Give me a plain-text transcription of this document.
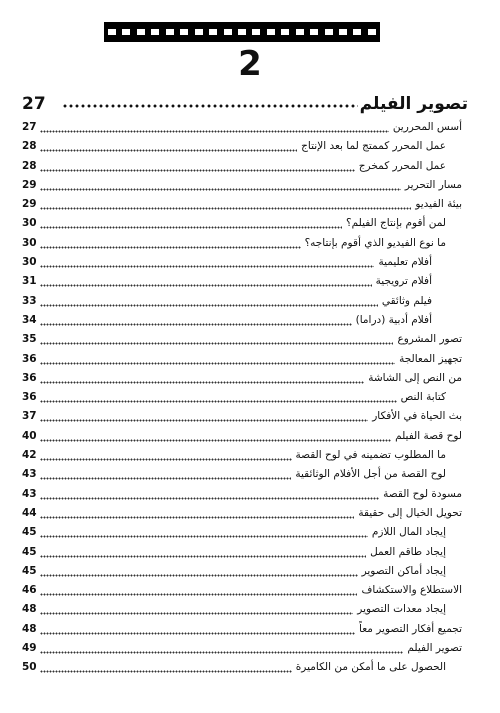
2
27	تصوير الفيلم
27	أسس المحررين
28	عمل المحرر كممتج لما بعد الإنتاج
28	عمل المحرر كمخرج
29	مسار التحرير
29	بيئة الفيديو
30	لمن أقوم بإنتاج الفيلم؟
30	ما نوع الفيديو الذي أقوم بإنتاجه؟
30	أفلام تعليمية
31	أفلام ترويجية
33	فيلم وثائقي
34	أفلام أدبية (دراما)
35	تصور المشروع
36	تجهيز المعالجة
36	من النص إلى الشاشة
36	كتابة النص
37	بث الحياة في الأفكار
40	لوح قصة الفيلم
42	ما المطلوب تضمينه في لوح القصة
43	لوح القصة من أجل الأفلام الوثائقية
43	مسودة لوح القصة
44	تحويل الخيال إلى حقيقة
45	إيجاد المال اللازم
45	إيجاد طاقم العمل
45	إيجاد أماكن التصوير
46	الاستطلاع والاستكشاف
48	إيجاد معدات التصوير
48	تجميع أفكار التصوير معاً
49	تصوير الفيلم
50	الحصول على ما أمكن من الكاميرة
